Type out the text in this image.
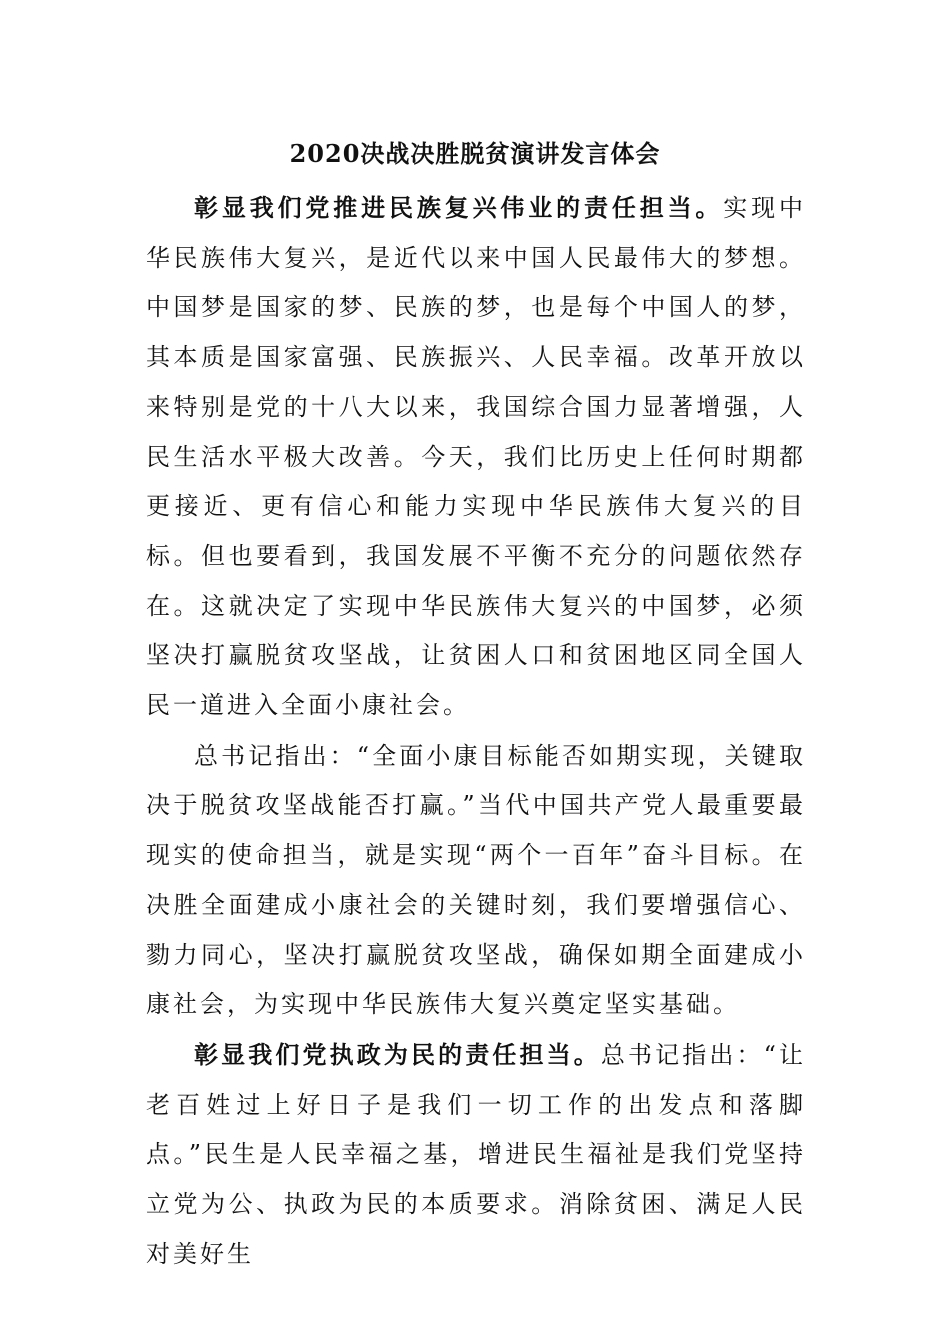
2020决战决胜脱贫演讲发言体会

彰显我们党推进民族复兴伟业的责任担当。实现中华民族伟大复兴，是近代以来中国人民最伟大的梦想。中国梦是国家的梦、民族的梦，也是每个中国人的梦，其本质是国家富强、民族振兴、人民幸福。改革开放以来特别是党的十八大以来，我国综合国力显著增强，人民生活水平极大改善。今天，我们比历史上任何时期都更接近、更有信心和能力实现中华民族伟大复兴的目标。但也要看到，我国发展不平衡不充分的问题依然存在。这就决定了实现中华民族伟大复兴的中国梦，必须坚决打赢脱贫攻坚战，让贫困人口和贫困地区同全国人民一道进入全面小康社会。

总书记指出：“全面小康目标能否如期实现，关键取决于脱贫攻坚战能否打赢。”当代中国共产党人最重要最现实的使命担当，就是实现“两个一百年”奋斗目标。在决胜全面建成小康社会的关键时刻，我们要增强信心、勠力同心，坚决打赢脱贫攻坚战，确保如期全面建成小康社会，为实现中华民族伟大复兴奠定坚实基础。

彰显我们党执政为民的责任担当。总书记指出：“让老百姓过上好日子是我们一切工作的出发点和落脚点。”民生是人民幸福之基，增进民生福祉是我们党坚持立党为公、执政为民的本质要求。消除贫困、满足人民对美好生
